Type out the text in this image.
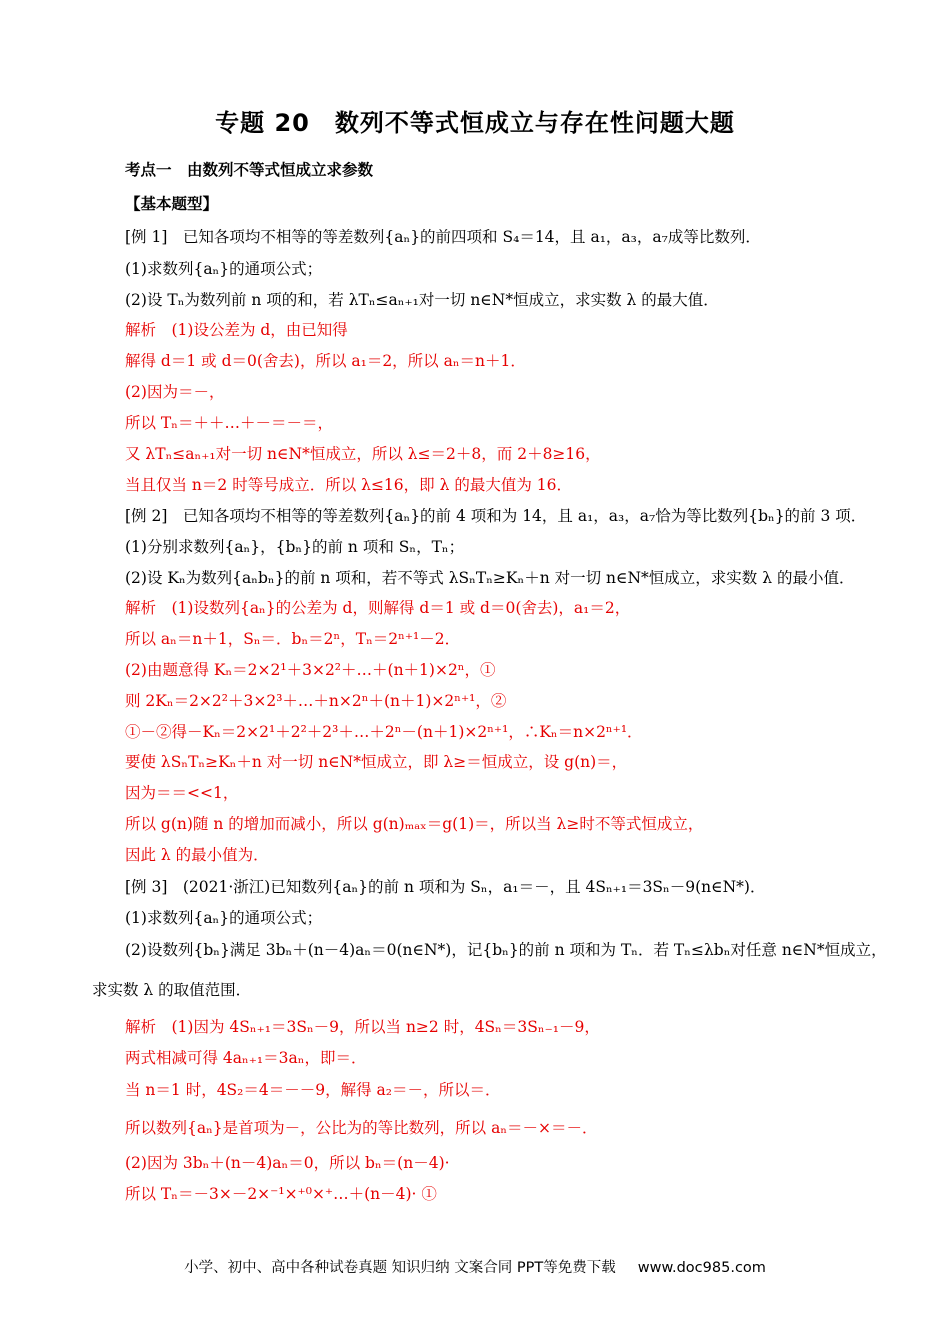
专题 20　数列不等式恒成立与存在性问题大题
考点一　由数列不等式恒成立求参数
【基本题型】
[例 1]　已知各项均不相等的等差数列{aₙ}的前四项和 S₄＝14，且 a₁，a₃，a₇成等比数列．
(1)求数列{aₙ}的通项公式；
(2)设 Tₙ为数列前 n 项的和，若 λTₙ≤aₙ₊₁对一切 n∈N*恒成立，求实数 λ 的最大值．
解析　(1)设公差为 d，由已知得
解得 d＝1 或 d＝0(舍去)，所以 a₁＝2，所以 aₙ＝n＋1．
(2)因为＝－，
所以 Tₙ＝＋＋…＋－＝－＝，
又 λTₙ≤aₙ₊₁对一切 n∈N*恒成立，所以 λ≤＝2＋8，而 2＋8≥16，
当且仅当 n＝2 时等号成立．所以 λ≤16，即 λ 的最大值为 16．
[例 2]　已知各项均不相等的等差数列{aₙ}的前 4 项和为 14，且 a₁，a₃，a₇恰为等比数列{bₙ}的前 3 项．
(1)分别求数列{aₙ}，{bₙ}的前 n 项和 Sₙ，Tₙ；
(2)设 Kₙ为数列{aₙbₙ}的前 n 项和，若不等式 λSₙTₙ≥Kₙ＋n 对一切 n∈N*恒成立，求实数 λ 的最小值．
解析　(1)设数列{aₙ}的公差为 d，则解得 d＝1 或 d＝0(舍去)，a₁＝2，
所以 aₙ＝n＋1，Sₙ＝．bₙ＝2ⁿ，Tₙ＝2ⁿ⁺¹－2．
(2)由题意得 Kₙ＝2×2¹＋3×2²＋…＋(n＋1)×2ⁿ，①
则 2Kₙ＝2×2²＋3×2³＋…＋n×2ⁿ＋(n＋1)×2ⁿ⁺¹，②
①－②得－Kₙ＝2×2¹＋2²＋2³＋…＋2ⁿ－(n＋1)×2ⁿ⁺¹，∴Kₙ＝n×2ⁿ⁺¹．
要使 λSₙTₙ≥Kₙ＋n 对一切 n∈N*恒成立，即 λ≥＝恒成立，设 g(n)＝，
因为＝＝<<1，
所以 g(n)随 n 的增加而减小，所以 g(n)ₘₐₓ＝g(1)＝，所以当 λ≥时不等式恒成立，
因此 λ 的最小值为．
[例 3]　(2021·浙江)已知数列{aₙ}的前 n 项和为 Sₙ，a₁＝－，且 4Sₙ₊₁＝3Sₙ－9(n∈N*)．
(1)求数列{aₙ}的通项公式；
(2)设数列{bₙ}满足 3bₙ＋(n－4)aₙ＝0(n∈N*)，记{bₙ}的前 n 项和为 Tₙ．若 Tₙ≤λbₙ对任意 n∈N*恒成立，
求实数 λ 的取值范围．
解析　(1)因为 4Sₙ₊₁＝3Sₙ－9，所以当 n≥2 时，4Sₙ＝3Sₙ₋₁－9，
两式相减可得 4aₙ₊₁＝3aₙ，即＝．
当 n＝1 时，4S₂＝4＝－－9，解得 a₂＝－，所以＝．
所以数列{aₙ}是首项为－，公比为的等比数列，所以 aₙ＝－×＝－．
(2)因为 3bₙ＋(n－4)aₙ＝0，所以 bₙ＝(n－4)·
所以 Tₙ＝－3×－2×⁻¹×⁺⁰×⁺…＋(n－4)· ①
小学、初中、高中各种试卷真题 知识归纳 文案合同 PPT等免费下载 www.doc985.com
